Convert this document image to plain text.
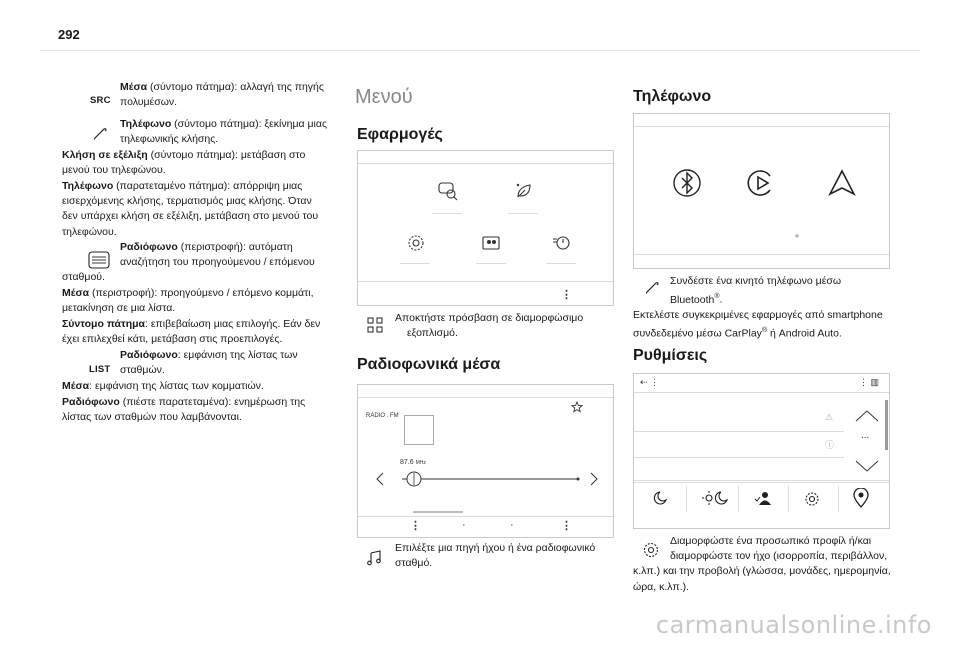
292
SRC
Μέσα (σύντομο πάτημα): αλλαγή της πηγής
πολυμέσων.
Τηλέφωνο (σύντομο πάτημα): ξεκίνημα μιας
τηλεφωνικής κλήσης.
Κλήση σε εξέλιξη (σύντομο πάτημα): μετάβαση στο
μενού του τηλεφώνου.
Τηλέφωνο (παρατεταμένο πάτημα): απόρριψη μιας
εισερχόμενης κλήσης, τερματισμός μιας κλήσης. Όταν
δεν υπάρχει κλήση σε εξέλιξη, μετάβαση στο μενού του
τηλεφώνου.
Ραδιόφωνο (περιστροφή): αυτόματη
αναζήτηση του προηγούμενου / επόμενου
σταθμού.
Μέσα (περιστροφή): προηγούμενο / επόμενο κομμάτι,
μετακίνηση σε μια λίστα.
Σύντομο πάτημα: επιβεβαίωση μιας επιλογής. Εάν δεν
έχει επιλεχθεί κάτι, μετάβαση στις προεπιλογές.
LIST
Ραδιόφωνο: εμφάνιση της λίστας των
σταθμών.
Μέσα: εμφάνιση της λίστας των κομματιών.
Ραδιόφωνο (πιέστε παρατεταμένα): ενημέρωση της
λίστας των σταθμών που λαμβάνονται.
Μενού
Εφαρμογές
⋮
Αποκτήστε πρόσβαση σε διαμορφώσιμο
εξοπλισμό.
Ραδιοφωνικά μέσα
RADIO . FM
87.6 MHz
⋮	·	·	⋮
Επιλέξτε μια πηγή ήχου ή ένα ραδιοφωνικό
σταθμό.
Τηλέφωνο
∗
Συνδέστε ένα κινητό τηλέφωνο μέσω
Bluetooth®.
Εκτελέστε συγκεκριμένες εφαρμογές από smartphone
συνδεδεμένο μέσω CarPlay® ή Android Auto.
Ρυθμίσεις
⇠ ⋮	⋮ ▥
⚠
ⓘ
...
Διαμορφώστε ένα προσωπικό προφίλ ή/και
διαμορφώστε τον ήχο (ισορροπία, περιβάλλον,
κ.λπ.) και την προβολή (γλώσσα, μονάδες, ημερομηνία,
ώρα, κ.λπ.).
carmanualsonline.info
